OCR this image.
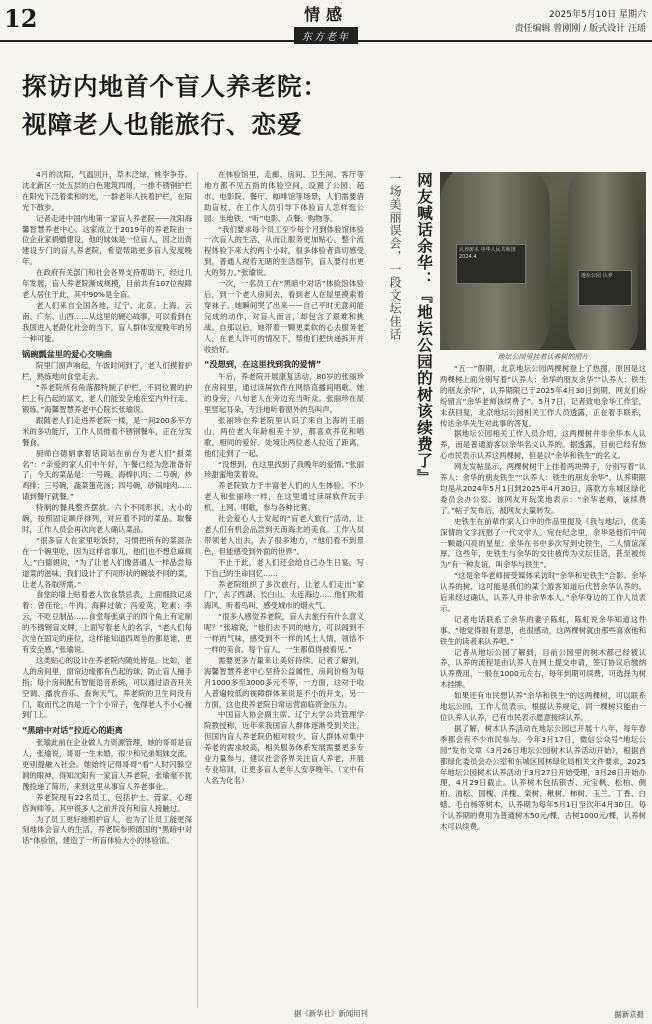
12	情感
东方老年
2025年5月10日 星期六
责任编辑 曾刚刚 / 版式设计 汪瑶
探访内地首个盲人养老院：
视障老人也能旅行、恋爱

4月的沈阳，气温回升，草木泛绿，桃李争芬。沈北新区一处五层的白色建筑四周，一排不锈钢护栏在阳光下泛着柔和的光，一群老年人扶着护栏，在阳光下散步。

记者走进中国内地第一家盲人养老院——沈阳海馨智慧养老中心。这家成立于2019年的养老院由一位企业家捐赠建设，他的妹妹是一位盲人，因之出资建设专门的盲人养老院，希望帮助更多盲人安度晚年。

在政府有关部门和社会各界支持帮助下，经过几年发展，盲人养老院渐成规模，目前共有107位视障老人居住于此，其中90%是全盲。

老人们来自全国各地，辽宁、北京、上海、云南、广东、山西……从这里的硬心故事，可以看到在我国进入老龄化社会的当下，盲人群体安度晚年的另一种可能。

锅碗瓢盆里的爱心交响曲

院里门窗声响起，午饭时间到了，老人们摸着护栏，熟练地向食堂走去。

“养老院所有角落都特制了护栏，不同位置的护栏上有凸起的富文，老人们能安全地在室内外行走、锻炼。”海馨智慧养老中心院长张瑜说。

跟随老人们走进养老院一楼，是一间200多平方米的多功能厅，工作人员推着不锈钢餐车，正在分发餐食。

厨师白德娟拿着话筒站在前台为老人们“报菜名”：“亲爱的家人们中午好，午餐已经为您准备好了，今天的菜品是：一号碗，海棒扒肉；二号碗，炒鸡排；三号碗，蔬菜蛋花汤；四号碗，砂锅炖肉……请到餐厅就餐。”

特制的餐具整齐摆放。六个不同形状、大小的碗，按照固定顺序排列，对应着不同的菜品。取餐时，工作人员会再次向老人确认菜品。

“很多盲人在家里吃饭时，习惯把所有的菜混杂在一个碗里吃，因为这样省事儿，他们也不想总麻烦人。”白德娟说，“为了让老人们像普通人一样品尝每道菜的滋味，我们设计了不同形状的碗装不同的菜，让老人各取所需。”

食堂的墙上贴着老人饮食禁忌表，上面细致记录着：曾佳伦，牛肉、海鲜过敏；冯爱英，吃素；李云，不吃豆制品……食堂每张桌子的四个角上有定制的不锈钢盲文牌，上面写着老人的名字，“老人们每次坐在固定的座位，这样能知道四周坐的都是谁，更有安全感。”张瑜说。

这类贴心的设计在养老院内随处皆是。比如，老人的房间里，窗帘边缘都有凸起的球，防止盲人撞手指；每个房间配有智能语音系统，可以通过语音开关空调、播放音乐、查询天气。养老院的卫生间没有门，取而代之的是一个个小帘子，免得老人不小心撞到门上。

“黑暗中对话”拉近心的距离

张瑜此前在企业做人力资源管理，她的哥哥是盲人，张瑜说，哥哥一生未婚，很少和兄弟姐妹交流，更别提融入社会。她始终记得哥哥“看”人时闪躲空洞的眼神，得知沈阳有一家盲人养老院，张瑜毫不犹豫投递了简历，来到这里从事盲人养老事业。

养老院现有22名员工，包括护士、管家、心理咨询师等。其中很多人之前并没有和盲人接触过。

为了员工更好地照护盲人，也为了让员工能更深刻地体会盲人的生活，养老院参照德国的“黑暗中对话”体验馆，建造了一所盲体验大小的体验馆。

在体验馆里，走廊、房间、卫生间、客厅等地方都不见五指的体验空间，设置了公园、超市、电影院、餐厅、咖啡馆等场景，人们需要借助盲杖、在工作人员引导下体验盲人怎样逛公园、坐地铁、“听”电影、点餐、购物等。

“我们要求每个员工至少每个月到体验馆体验一次盲人的生活，从而让服务更加贴心。整个流程体验下来大约两个小时，很多体验者真切感受到，普通人视若无睹的生活细节，盲人要付出更大的努力。”张瑜说。

一次，一名员工在“黑暗中对话”体验馆体验后，到一个老人房间去，看到老人在屋里摸索着穿袜子。她瞬间哭了出来——自己平时无意间能完成的动作，对盲人而言，却包含了艰难和挑战。自那以后，她带着一颗更柔软的心去服务老人，在老人许可的情况下，帮他们把快递拆开并收拾好。

“没想到，在这里找到我的爱情”

午后，养老院开展康复活动，80岁的张丽珍在房间里，通过读屏软件在网络直播间唱歌。她的身旁，八旬老人在旁边充当听众。张丽珍在屋里竖起耳朵，专注地听着窗外的鸟叫声。

张丽珍在养老院里认识了来自上海的王丽山，两位老人年龄相差十岁，都喜欢养花和唱歌，相同的爱好、处境让两位老人拉近了距离，他们走到了一起。

“没想到，在这里找到了我晚年的爱情。”张丽珍甜蜜地笑着说。

养老院致力于丰富老人们的人生体验。不少老人和张丽珍一样，在这里通过读屏软件玩手机、上网、唱歌，参与各种比赛。

社会爱心人士发起的“盲老人旅行”活动，让老人们有机会品尝到天南海北的美食。工作人员带领老人出去，去了很多地方，“他们看不到景色，但能感受到外面的世界”。

不止于此，老人们还会给自己办生日宴，写下自己的生命回忆……

养老院组织了多次旅行，让老人们走出“家门”，去了西湖、长白山、大连海边……他们吹着海风、听着鸟叫，感受城市的烟火气。

“很多人感觉养老院，盲人去旅行有什么意义呢？”张瑜说，“他们去不同的地方，可以闻到不一样的气味，感受到不一样的风土人情，领悟不一样的美食。每个盲人，一生都值得被看见。”

需要更多力量来让美好持续。记者了解到，海馨智慧养老中心坚持公益属性，房间价格为每月1000多至3000多元不等，一方面，这对于收入普遍较低的视障群体来说是不小的开支，另一方面，这也使养老院日常运营面临资金压力。

中国盲人协会副主席、辽宁大学公共管理学院教授称，近年来我国盲人群体逐渐受到关注，但国内盲人养老院仍相对较少。盲人群体对集中养老的需求较高，相关服务体系发展需要更多专业力量参与，建议社会各界关注盲人养老，开展专业培训，让更多盲人老年人安享晚年。（文中有人名为化名）

据《新华社》新闻用刊
网友喊话余华：『地坛公园的树该续费了』
一场美丽误会，一段文坛佳话	认养树木 中华人民共和国 2024.4
地坛公园 认养
地坛公园里挂着认养树的照片

“五一”假期，北京地坛公园两棵树登上了热搜，原因是这两棵树上面分别写着“认养人：余华的朋友余华”“认养人：铁生的朋友余华”，认养期限已于2025年4月30日到期，网友们纷纷留言“余华老师该续费了”。5月7日，记者致电余华工作室，未获回复，北京地坛公园相关工作人员透露，正在着手联系，传达余华先生对此事的答复。

据地坛公园相关工作人员介绍，这两棵树并非余华本人认养，而是普通游客以余华名义认养的。据透露，目前已经有热心市民表示认养这两棵树，但是以“余华和铁生”的名义。

网友发帖显示，两棵树树干上挂着两块牌子，分别写着“认养人：余华的朋友铁生”“认养人：铁生的朋友余华”，认养期限均是从2024年5月1日到2025年4月30日，落款方东城区绿化委员会办公室。该网友开玩笑地表示：“余华老师，该续费了。”帖子发布后，被网友大量转发。

史铁生在前辈作家人口中的作品里提及《我与地坛》，优美深情的文字抚慰了一代文学人。宛在纪念里，余华是他们中间一颗最闪亮的星星；余华在书中多次写到史铁生，二人情谊深厚。这些年，史铁生与余华的交往被传为文坛佳话，甚至被传为“有一种友谊，叫余华与铁生”。

“这是余华老师接受媒体采访时“余华和史铁生”合影。余华认养的树，这可能是我们的某个游客知道后代替余华认养的。后来经过确认，认养人并非余华本人。”余华身边的工作人员表示。

记者电话联系了余华的妻子陈虹，陈虹说余华知道这件事。“他觉得很有意思，也很感动，这两棵树就由那些喜欢他和铁生的读者来认养吧。”

记者从地坛公园了解到，目前公园里的树木都已经被认养，认养的流程是由认养人在网上提交申请，签订协议后缴纳认养费用，一般在1000元左右，每年到期可续费，可选择为树木挂牌。

如果还有市民想认养“余华和铁生”的这两棵树，可以联系地坛公园，工作人员表示，根据认养规定，同一棵树只能由一位认养人认养，已有市民表示愿意接续认养。

据了解，树木认养活动在地坛公园已开展十八年，每年春季都会有不少市民参与。今年3月17日，微信公众号“地坛公园”发布文章《3月26日地坛公园树木认养活动开始》，根据首都绿化委员会办公室和东城区园林绿化局相关文件要求，2025年地坛公园树木认养活动于3月27日开始受理，3月28日开始办理，4月29日截止。认养树木包括银杏、元宝枫、松柏、侧柏、油松、国槐、洋槐、栾树、楸树、柿树、玉兰、丁香、白蜡、毛白杨等树木，认养期为每年5月1日至次年4月30日。每个认养期的费用为普通树木50元/棵，古树1000元/棵，认养树木可以续费。

据新京报
